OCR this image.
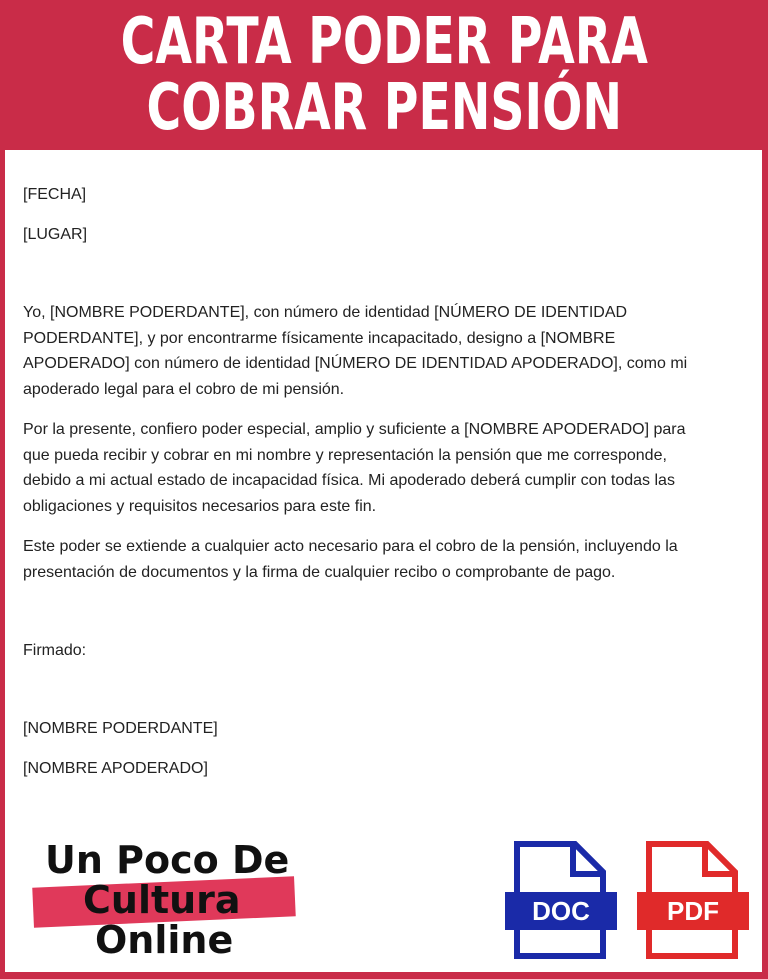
CARTA PODER PARA
COBRAR PENSIÓN
[FECHA]
[LUGAR]
Yo, [NOMBRE PODERDANTE], con número de identidad [NÚMERO DE IDENTIDAD
PODERDANTE], y por encontrarme físicamente incapacitado, designo a [NOMBRE
APODERADO] con número de identidad [NÚMERO DE IDENTIDAD APODERADO], como mi
apoderado legal para el cobro de mi pensión.
Por la presente, confiero poder especial, amplio y suficiente a [NOMBRE APODERADO] para
que pueda recibir y cobrar en mi nombre y representación la pensión que me corresponde,
debido a mi actual estado de incapacidad física. Mi apoderado deberá cumplir con todas las
obligaciones y requisitos necesarios para este fin.
Este poder se extiende a cualquier acto necesario para el cobro de la pensión, incluyendo la
presentación de documentos y la firma de cualquier recibo o comprobante de pago.
Firmado:
[NOMBRE PODERDANTE]
[NOMBRE APODERADO]
Un Poco De
Cultura
Online
DOC	PDF
